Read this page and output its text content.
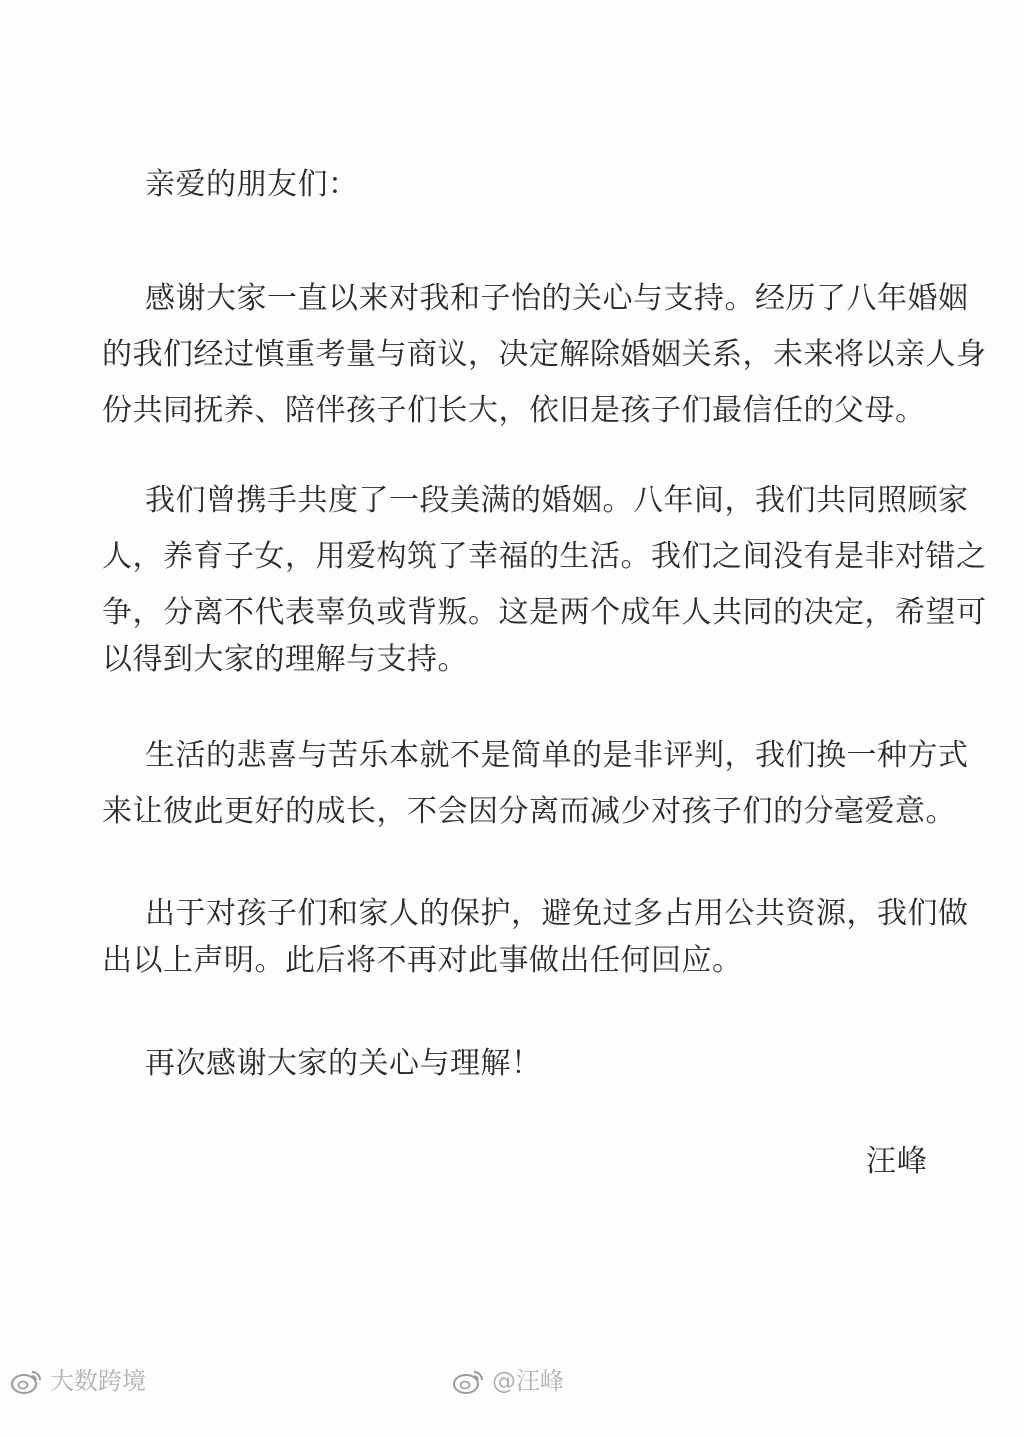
亲爱的朋友们：
感谢大家一直以来对我和子怡的关心与支持。经历了八年婚姻
的我们经过慎重考量与商议，决定解除婚姻关系，未来将以亲人身
份共同抚养、陪伴孩子们长大，依旧是孩子们最信任的父母。
我们曾携手共度了一段美满的婚姻。八年间，我们共同照顾家
人，养育子女，用爱构筑了幸福的生活。我们之间没有是非对错之
争，分离不代表辜负或背叛。这是两个成年人共同的决定，希望可
以得到大家的理解与支持。
生活的悲喜与苦乐本就不是简单的是非评判，我们换一种方式
来让彼此更好的成长，不会因分离而减少对孩子们的分毫爱意。
出于对孩子们和家人的保护，避免过多占用公共资源，我们做
出以上声明。此后将不再对此事做出任何回应。
再次感谢大家的关心与理解！
汪峰
大数跨境	@汪峰
